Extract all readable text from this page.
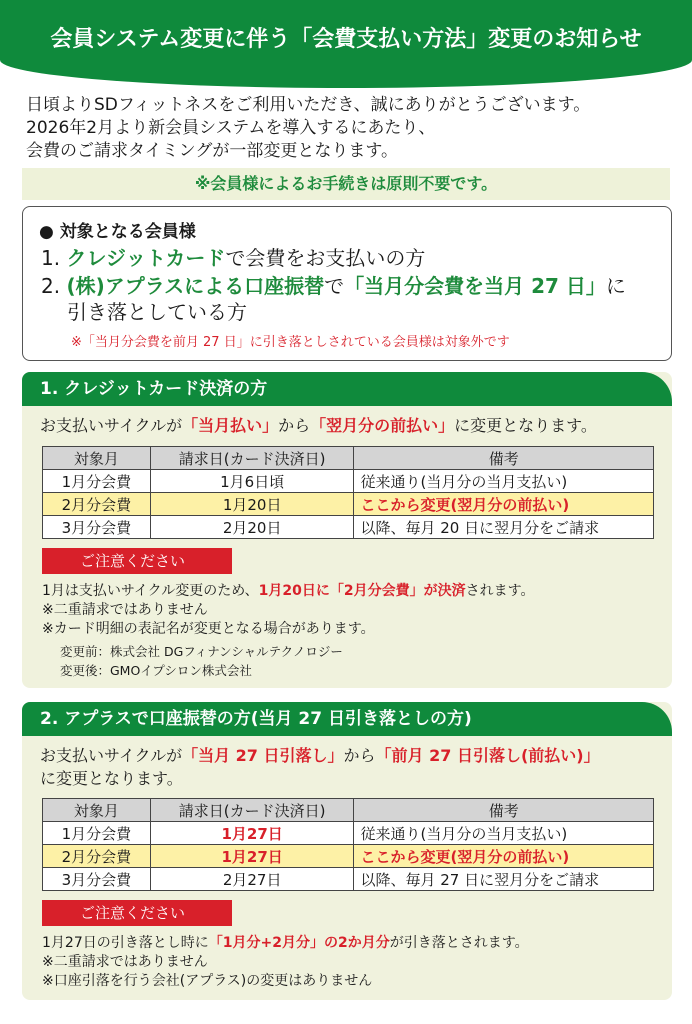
会員システム変更に伴う「会費支払い方法」変更のお知らせ
日頃よりSDフィットネスをご利用いただき、誠にありがとうございます。
2026年2月より新会員システムを導入するにあたり、
会費のご請求タイミングが一部変更となります。
※会員様によるお手続きは原則不要です。
● 対象となる会員様
1. クレジットカードで会費をお支払いの方
2. (株)アプラスによる口座振替で「当月分会費を当月 27 日」に
引き落としている方
※「当月分会費を前月 27 日」に引き落としされている会員様は対象外です
1. クレジットカード決済の方
お支払いサイクルが「当月払い」から「翌月分の前払い」に変更となります。
対象月	請求日(カード決済日)	備考
1月分会費	1月6日頃	従来通り(当月分の当月支払い)
2月分会費	1月20日	ここから変更(翌月分の前払い)
3月分会費	2月20日	以降、毎月 20 日に翌月分をご請求
ご注意ください
1月は支払いサイクル変更のため、1月20日に「2月分会費」が決済されます。
※二重請求ではありません
※カード明細の表記名が変更となる場合があります。
変更前：株式会社 DGフィナンシャルテクノロジー
変更後：GMOイプシロン株式会社
2. アプラスで口座振替の方(当月 27 日引き落としの方)
お支払いサイクルが「当月 27 日引落し」から「前月 27 日引落し(前払い)」
に変更となります。
対象月	請求日(カード決済日)	備考
1月分会費	1月27日	従来通り(当月分の当月支払い)
2月分会費	1月27日	ここから変更(翌月分の前払い)
3月分会費	2月27日	以降、毎月 27 日に翌月分をご請求
ご注意ください
1月27日の引き落とし時に「1月分+2月分」の2か月分が引き落とされます。
※二重請求ではありません
※口座引落を行う会社(アプラス)の変更はありません
